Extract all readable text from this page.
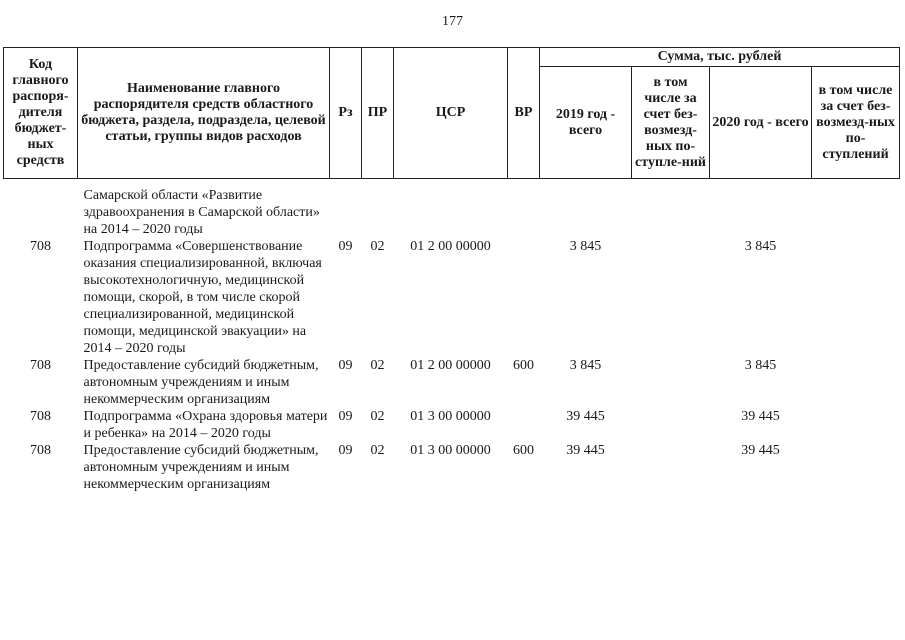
177
Код главного распоря-дителя бюджет-ных средств	Наименование главного распорядителя средств областного бюджета, раздела, подраздела, целевой статьи, группы видов расходов	Рз	ПР	ЦСР	ВР	Сумма, тыс. рублей			
						2019 год - всего	в том числе за счет без-возмезд-ных по-ступле-ний	2020 год - всего	в том числе за счет без-возмезд-ных по-ступлений

	Самарской области «Развитие здравоохранения в Самарской области» на 2014 – 2020 годы								
708	Подпрограмма «Совершенствование оказания специализированной, включая высокотехнологичную, медицинской помощи, скорой, в том числе скорой специализированной, медицинской помощи, медицинской эвакуации» на 2014 – 2020 годы	09	02	01 2 00 00000		3 845		3 845	
708	Предоставление субсидий бюджетным, автономным учреждениям и иным некоммерческим организациям	09	02	01 2 00 00000	600	3 845		3 845	
708	Подпрограмма «Охрана здоровья матери и ребенка» на 2014 – 2020 годы	09	02	01 3 00 00000		39 445		39 445	
708	Предоставление субсидий бюджетным, автономным учреждениям и иным некоммерческим организациям	09	02	01 3 00 00000	600	39 445		39 445	
